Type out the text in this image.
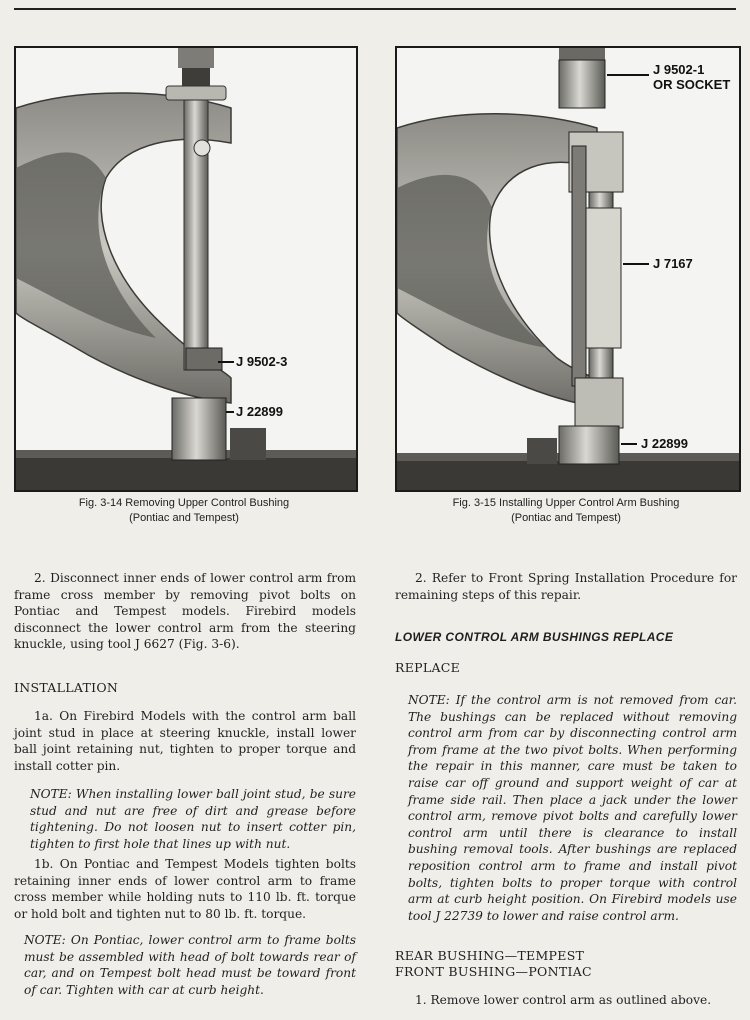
J 9502-3
J 22899
Fig. 3-14 Removing Upper Control Bushing
(Pontiac and Tempest)
J 9502-1
OR SOCKET
J 7167
J 22899
Fig. 3-15 Installing Upper Control Arm Bushing
(Pontiac and Tempest)
2. Disconnect inner ends of lower control arm from frame cross member by removing pivot bolts on Pontiac and Tempest models. Firebird models disconnect the lower control arm from the steering knuckle, using tool J 6627 (Fig. 3-6).
INSTALLATION
1a. On Firebird Models with the control arm ball joint stud in place at steering knuckle, install lower ball joint retaining nut, tighten to proper torque and install cotter pin.
NOTE: When installing lower ball joint stud, be sure stud and nut are free of dirt and grease before tightening. Do not loosen nut to insert cotter pin, tighten to first hole that lines up with nut.
1b. On Pontiac and Tempest Models tighten bolts retaining inner ends of lower control arm to frame cross member while holding nuts to 110 lb. ft. torque or hold bolt and tighten nut to 80 lb. ft. torque.
NOTE: On Pontiac, lower control arm to frame bolts must be assembled with head of bolt towards rear of car, and on Tempest bolt head must be toward front of car. Tighten with car at curb height.
2. Refer to Front Spring Installation Procedure for remaining steps of this repair.
LOWER CONTROL ARM BUSHINGS REPLACE
REPLACE
NOTE: If the control arm is not removed from car. The bushings can be replaced without removing control arm from car by disconnecting control arm from frame at the two pivot bolts. When performing the repair in this manner, care must be taken to raise car off ground and support weight of car at frame side rail. Then place a jack under the lower control arm, remove pivot bolts and carefully lower control arm until there is clearance to install bushing removal tools. After bushings are replaced reposition control arm to frame and install pivot bolts, tighten bolts to proper torque with control arm at curb height position. On Firebird models use tool J 22739 to lower and raise control arm.
REAR BUSHING—TEMPEST
FRONT BUSHING—PONTIAC
1. Remove lower control arm as outlined above.
